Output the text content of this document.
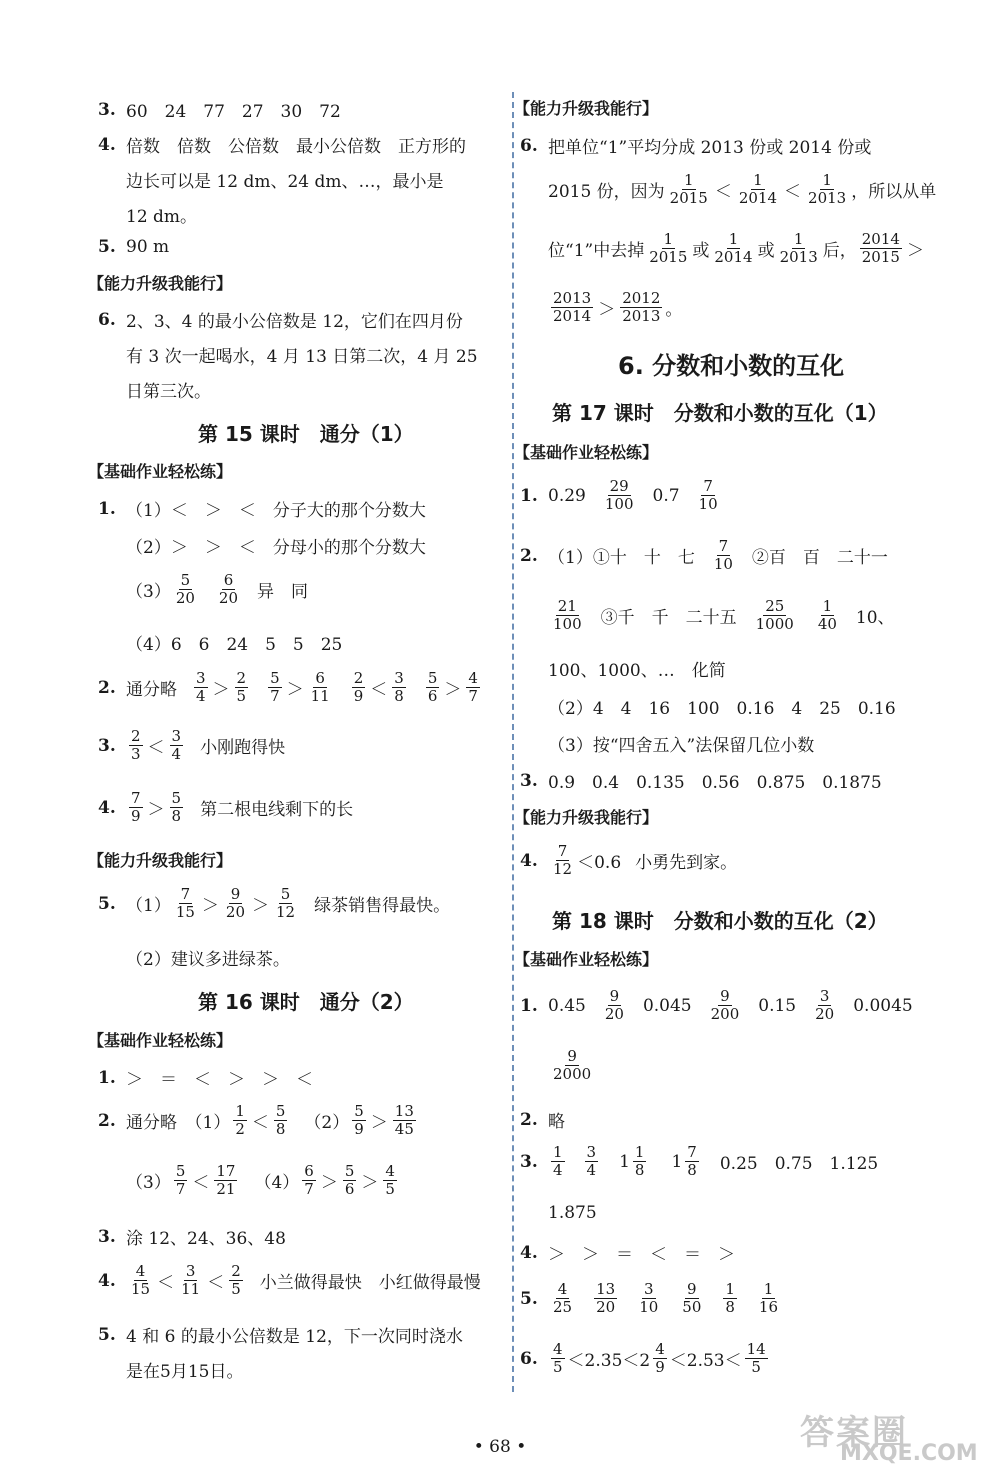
3. 60　24　77　27　30　72
4. 倍数　倍数　公倍数　最小公倍数　正方形的
边长可以是 12 dm、24 dm、…，最小是
12 dm。
5. 90 m
【能力升级我能行】
6. 2、3、4 的最小公倍数是 12，它们在四月份
有 3 次一起喝水，4 月 13 日第二次，4 月 25
日第三次。
第 15 课时　通分（1）
【基础作业轻松练】
1. （1）＜　＞　＜　分子大的那个分数大
（2）＞　＞　＜　分母小的那个分数大
$(3) \frac{5}{20} \frac{6}{20}$ 异　同
（4）6　6　24　5　5　25
2. 通分略 $\frac{3}{4} > \frac{2}{5} \frac{5}{7} > \frac{6}{11} \frac{2}{9} < \frac{3}{8} \frac{5}{6} > \frac{4}{7}$
3. $\frac{2}{3} < \frac{3}{4}$ 小刚跑得快
4. $\frac{7}{9} > \frac{5}{8}$ 第二根电线剩下的长
【能力升级我能行】
5. $(1) \frac{7}{15} > \frac{9}{20} > \frac{5}{12}$ 绿茶销售得最快。
（2）建议多进绿茶。
第 16 课时　通分（2）
【基础作业轻松练】
1. ＞　＝　＜　＞　＞　＜
2. 通分略　$(1) \frac{1}{2} < \frac{5}{8} (2) \frac{5}{9} > \frac{13}{45}$
$(3) \frac{5}{7} < \frac{17}{21} (4) \frac{6}{7} > \frac{5}{6} > \frac{4}{5}$
3. 涂 12、24、36、48
4. $\frac{4}{15} < \frac{3}{11} < \frac{2}{5}$ 小兰做得最快　小红做得最慢
5. 4 和 6 的最小公倍数是 12，下一次同时浇水
是在5月15日。
【能力升级我能行】
6. 把单位“1”平均分成 2013 份或 2014 份或
2015 份，因为 $\frac{1}{2015} < \frac{1}{2014} < \frac{1}{2013}$ ，所以从单
位“1”中去掉 $\frac{1}{2015}$ 或 $\frac{1}{2014}$ 或 $\frac{1}{2013}$ 后， $\frac{2014}{2015}$ ＞
$\frac{2013}{2014} > \frac{2012}{2013}$ 。
6. 分数和小数的互化
第 17 课时　分数和小数的互化（1）
【基础作业轻松练】
1. $0.29 \frac{29}{100} 0.7 \frac{7}{10}$
2. （1）①十　十　七 $\frac{7}{10}$ ②百　百　二十一
$\frac{21}{100}$ ③千　千　二十五 $\frac{25}{1000} \frac{1}{40} 10$、
100、1000、…　化简
（2）4　4　16　100　0.16　4　25　0.16
（3）按“四舍五入”法保留几位小数
3. 0.9　0.4　0.135　0.56　0.875　0.1875
【能力升级我能行】
4. $\frac{7}{12} <0.6$ 小勇先到家。
第 18 课时　分数和小数的互化（2）
【基础作业轻松练】
1. $0.45 \frac{9}{20} 0.045 \frac{9}{200} 0.15 \frac{3}{20} 0.0045$
$\frac{9}{2000}$
2. 略
3. $\frac{1}{4} \frac{3}{4} 1 \frac{1}{8} 1 \frac{7}{8} 0.25$　0.75　1.125
1.875
4. ＞　＞　＝　＜　＝　＞
5. $\frac{4}{25} \frac{13}{20} \frac{3}{10} \frac{9}{50} \frac{1}{8} \frac{1}{16}$
6. $\frac{4}{5} <2.35<2 \frac{4}{9} <2.53< \frac{14}{5}$
• 68 •	答案圈
MXQE.COM
